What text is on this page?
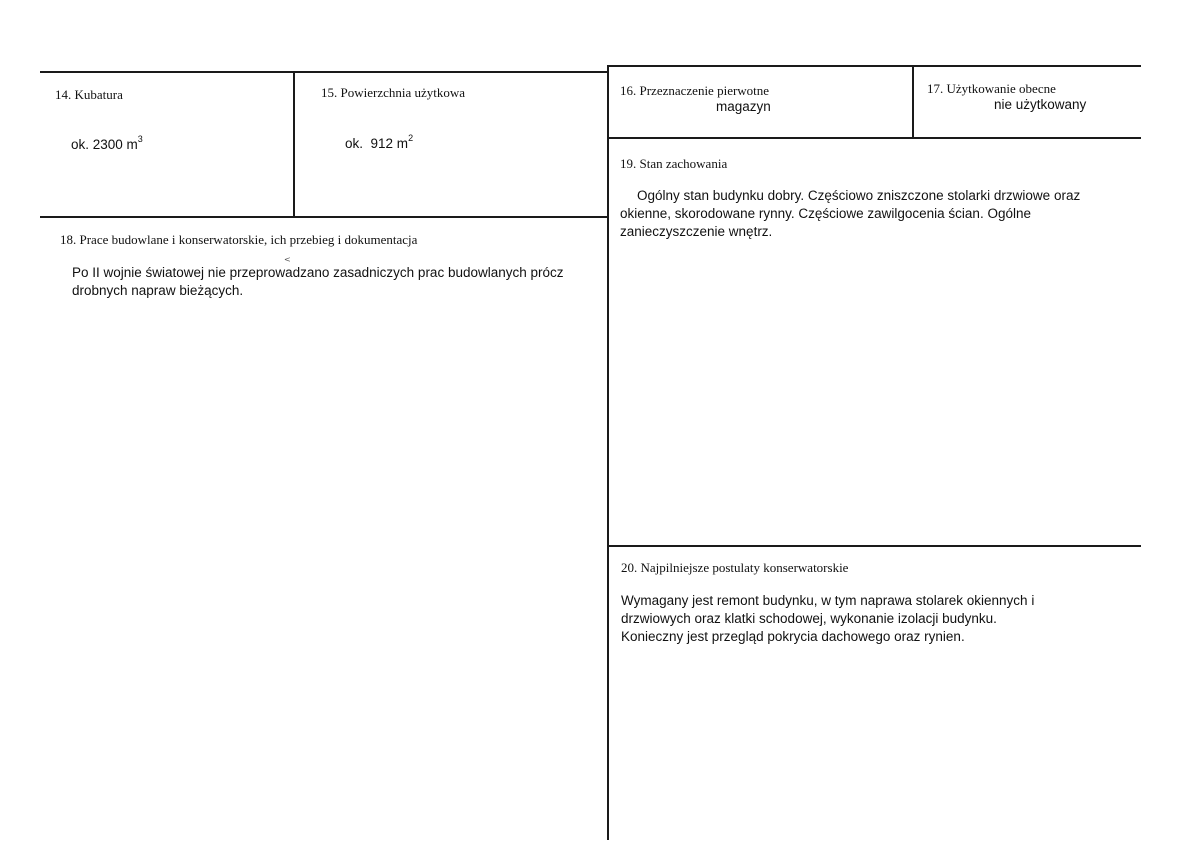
14. Kubatura
ok. 2300 $m^3$
15. Powierzchnia użytkowa
ok. 912 $m^2$
16. Przeznaczenie pierwotne
magazyn
17. Użytkowanie obecne
nie użytkowany
19. Stan zachowania
Ogólny stan budynku dobry. Częściowo zniszczone stolarki drzwiowe oraz okienne, skorodowane rynny. Częściowe zawilgocenia ścian. Ogólne zanieczyszczenie wnętrz.
18. Prace budowlane i konserwatorskie, ich przebieg i dokumentacja
<
Po II wojnie światowej nie przeprowadzano zasadniczych prac budowlanych prócz drobnych napraw bieżących.
20. Najpilniejsze postulaty konserwatorskie
Wymagany jest remont budynku, w tym naprawa stolarek okiennych i drzwiowych oraz klatki schodowej, wykonanie izolacji budynku. Konieczny jest przegląd pokrycia dachowego oraz rynien.
